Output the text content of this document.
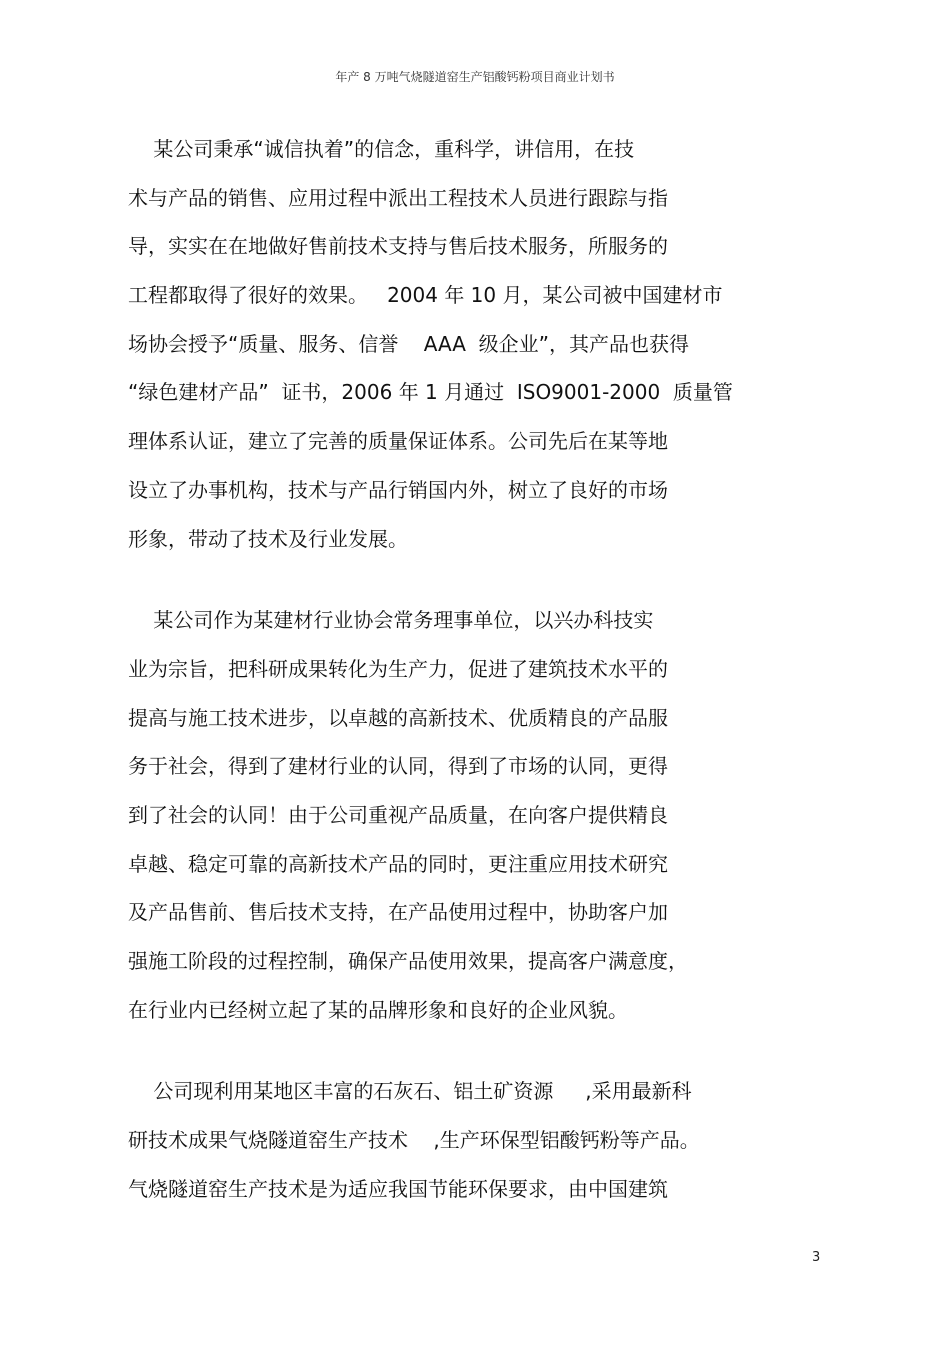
年产 8 万吨气烧隧道窑生产铝酸钙粉项目商业计划书
某公司秉承“诚信执着”的信念，重科学，讲信用，在技
术与产品的销售、应用过程中派出工程技术人员进行跟踪与指
导，实实在在地做好售前技术支持与售后技术服务，所服务的
工程都取得了很好的效果。   2004 年 10 月，某公司被中国建材市
场协会授予“质量、服务、信誉    AAA  级企业”，其产品也获得
“绿色建材产品”  证书，2006 年 1 月通过  ISO9001-2000  质量管
理体系认证，建立了完善的质量保证体系。公司先后在某等地
设立了办事机构，技术与产品行销国内外，树立了良好的市场
形象，带动了技术及行业发展。
某公司作为某建材行业协会常务理事单位，以兴办科技实
业为宗旨，把科研成果转化为生产力，促进了建筑技术水平的
提高与施工技术进步，以卓越的高新技术、优质精良的产品服
务于社会，得到了建材行业的认同，得到了市场的认同，更得
到了社会的认同！由于公司重视产品质量，在向客户提供精良
卓越、稳定可靠的高新技术产品的同时，更注重应用技术研究
及产品售前、售后技术支持，在产品使用过程中，协助客户加
强施工阶段的过程控制，确保产品使用效果，提高客户满意度，
在行业内已经树立起了某的品牌形象和良好的企业风貌。
公司现利用某地区丰富的石灰石、铝土矿资源     ,采用最新科
研技术成果气烧隧道窑生产技术    ,生产环保型铝酸钙粉等产品。
气烧隧道窑生产技术是为适应我国节能环保要求，由中国建筑
3
